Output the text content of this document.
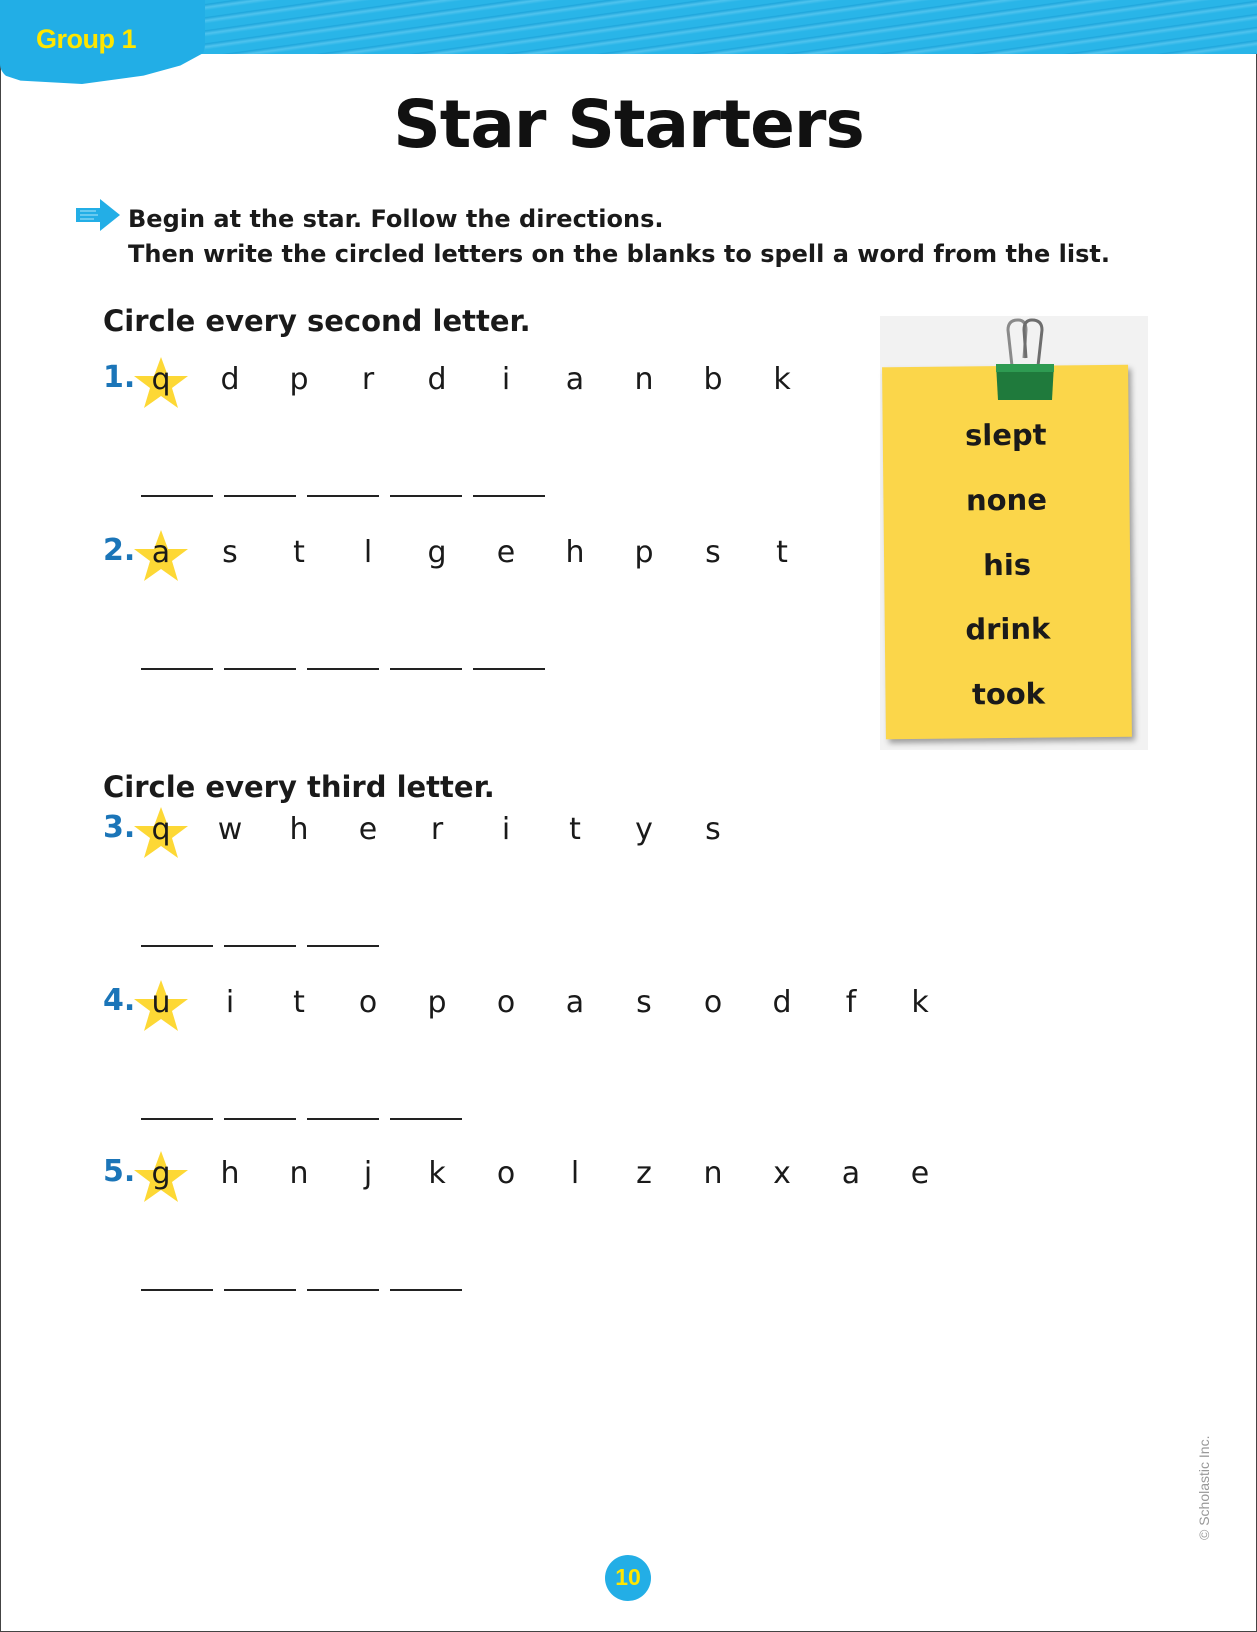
Group 1
Star Starters
Begin at the star. Follow the directions.
Then write the circled letters on the blanks to spell a word from the list.
Circle every second letter.
Circle every third letter.
1. q	d	p	r	d	i	a	n	b	k
2. a	s	t	l	g	e	h	p	s	t
3. q	w	h	e	r	i	t	y	s
4. u	i	t	o	p	o	a	s	o	d	f	k
5. g	h	n	j	k	o	l	z	n	x	a	e
slept
none
his
drink
took
© Scholastic Inc.
10
